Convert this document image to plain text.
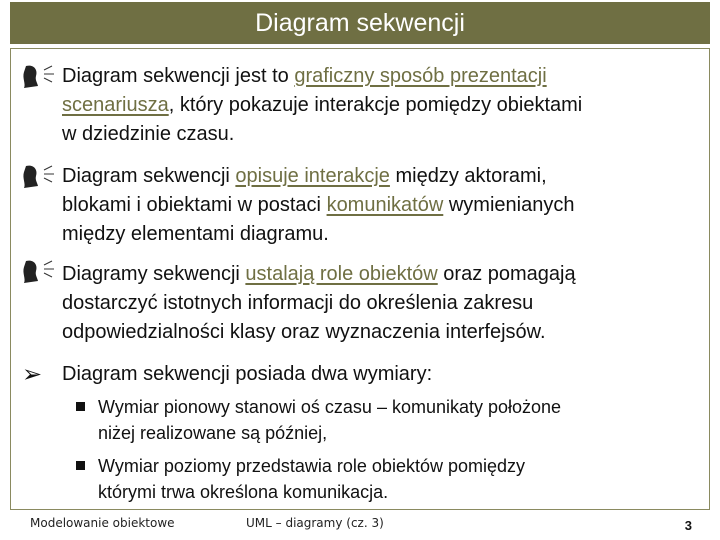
Diagram sekwencji
Diagram sekwencji jest to graficzny sposób prezentacji
scenariusza, który pokazuje interakcje pomiędzy obiektami
w dziedzinie czasu.
Diagram sekwencji opisuje interakcje między aktorami,
blokami i obiektami w postaci komunikatów wymienianych
między elementami diagramu.
Diagramy sekwencji ustalają role obiektów oraz pomagają
dostarczyć istotnych informacji do określenia zakresu
odpowiedzialności klasy oraz wyznaczenia interfejsów.
➢ Diagram sekwencji posiada dwa wymiary:
Wymiar pionowy stanowi oś czasu – komunikaty położone
niżej realizowane są później,
Wymiar poziomy przedstawia role obiektów pomiędzy
którymi trwa określona komunikacja.
Modelowanie obiektowe	UML – diagramy (cz. 3)	3
